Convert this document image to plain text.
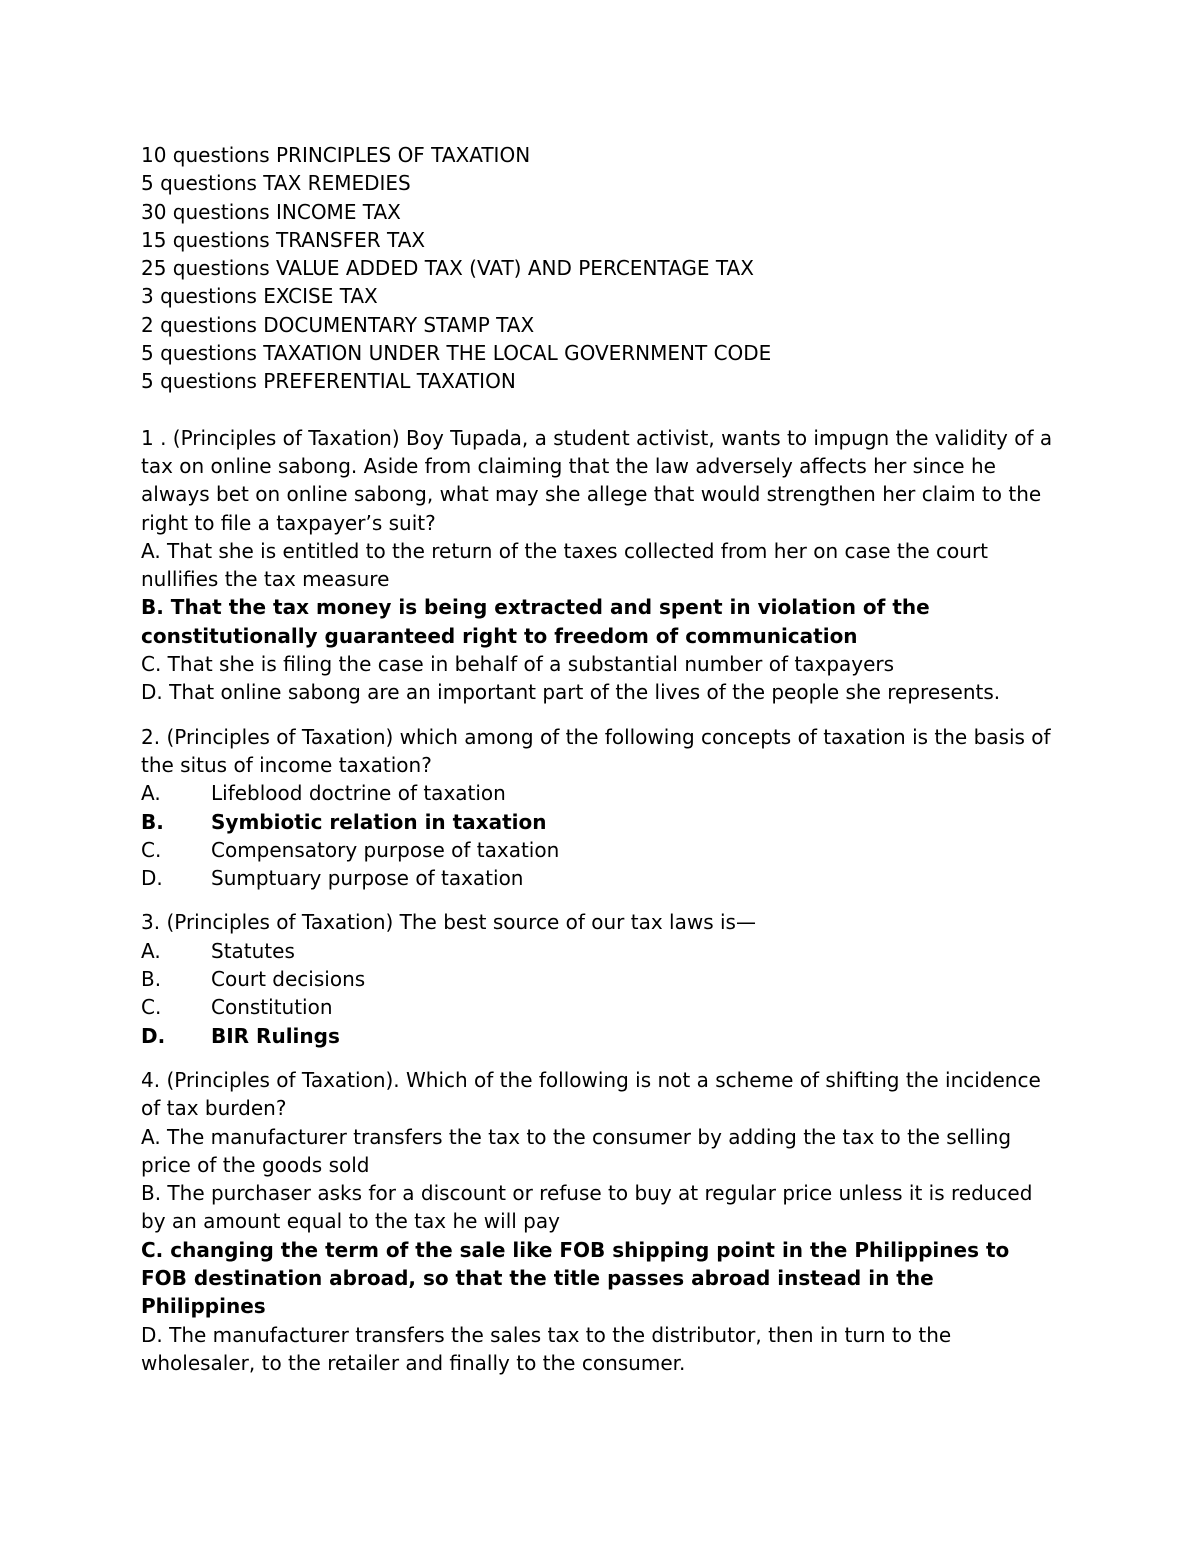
10 questions PRINCIPLES OF TAXATION
5 questions TAX REMEDIES
30 questions INCOME TAX
15 questions TRANSFER TAX
25 questions VALUE ADDED TAX (VAT) AND PERCENTAGE TAX
3 questions EXCISE TAX
2 questions DOCUMENTARY STAMP TAX
5 questions TAXATION UNDER THE LOCAL GOVERNMENT CODE
5 questions PREFERENTIAL TAXATION
1 . (Principles of Taxation) Boy Tupada, a student activist, wants to impugn the validity of a tax on online sabong. Aside from claiming that the law adversely affects her since he always bet on online sabong, what may she allege that would strengthen her claim to the right to file a taxpayer’s suit?
A. That she is entitled to the return of the taxes collected from her on case the court nullifies the tax measure
B. That the tax money is being extracted and spent in violation of the constitutionally guaranteed right to freedom of communication
C. That she is filing the case in behalf of a substantial number of taxpayers
D. That online sabong are an important part of the lives of the people she represents.
2. (Principles of Taxation) which among of the following concepts of taxation is the basis of the situs of income taxation?
A.	Lifeblood doctrine of taxation
B.	Symbiotic relation in taxation
C.	Compensatory purpose of taxation
D.	Sumptuary purpose of taxation
3. (Principles of Taxation) The best source of our tax laws is—
A.	Statutes
B.	Court decisions
C.	Constitution
D.	BIR Rulings
4. (Principles of Taxation). Which of the following is not a scheme of shifting the incidence of tax burden?
A. The manufacturer transfers the tax to the consumer by adding the tax to the selling price of the goods sold
B. The purchaser asks for a discount or refuse to buy at regular price unless it is reduced by an amount equal to the tax he will pay
C. changing the term of the sale like FOB shipping point in the Philippines to FOB destination abroad, so that the title passes abroad instead in the Philippines
D. The manufacturer transfers the sales tax to the distributor, then in turn to the wholesaler, to the retailer and finally to the consumer.
